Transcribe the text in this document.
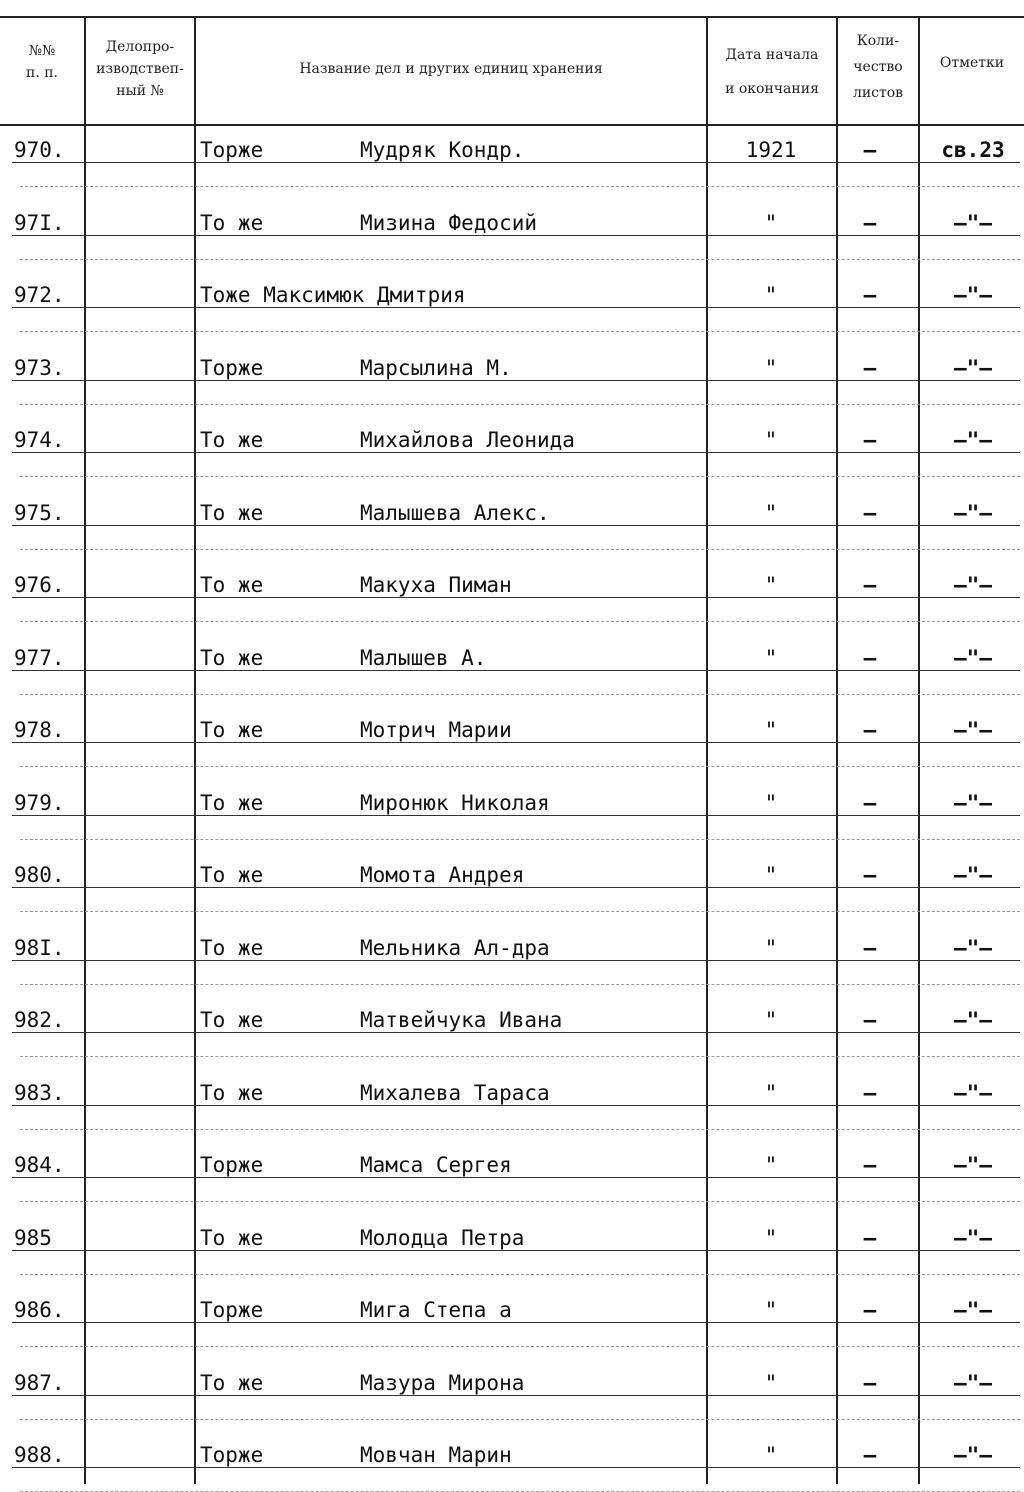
№№
п. п.
Делопро-
изводствеп-
ный №
Название дел и других единиц хранения
Дата начала
и окончания
Коли-
чество
листов
Отметки
970.	Торже	Мудряк Кондр.	1921	–	св.23
97I.	То же	Мизина Федосий	"	–	–"–
972.	Тоже Максимюк Дмитрия	"	–	–"–
973.	Торже	Марсылина М.	"	–	–"–
974.	То же	Михайлова Леонида	"	–	–"–
975.	То же	Малышева Алекс.	"	–	–"–
976.	То же	Макуха Пиман	"	–	–"–
977.	То же	Малышев А.	"	–	–"–
978.	То же	Мотрич Марии	"	–	–"–
979.	То же	Миронюк Николая	"	–	–"–
980.	То же	Момота Андрея	"	–	–"–
98I.	То же	Мельника Ал-дра	"	–	–"–
982.	То же	Матвейчука Ивана	"	–	–"–
983.	То же	Михалева Тараса	"	–	–"–
984.	Торже	Мамса Сергея	"	–	–"–
985	То же	Молодца Петра	"	–	–"–
986.	Торже	Мига Степа а	"	–	–"–
987.	То же	Мазура Мирона	"	–	–"–
988.	Торже	Мовчан Марин	"	–	–"–
